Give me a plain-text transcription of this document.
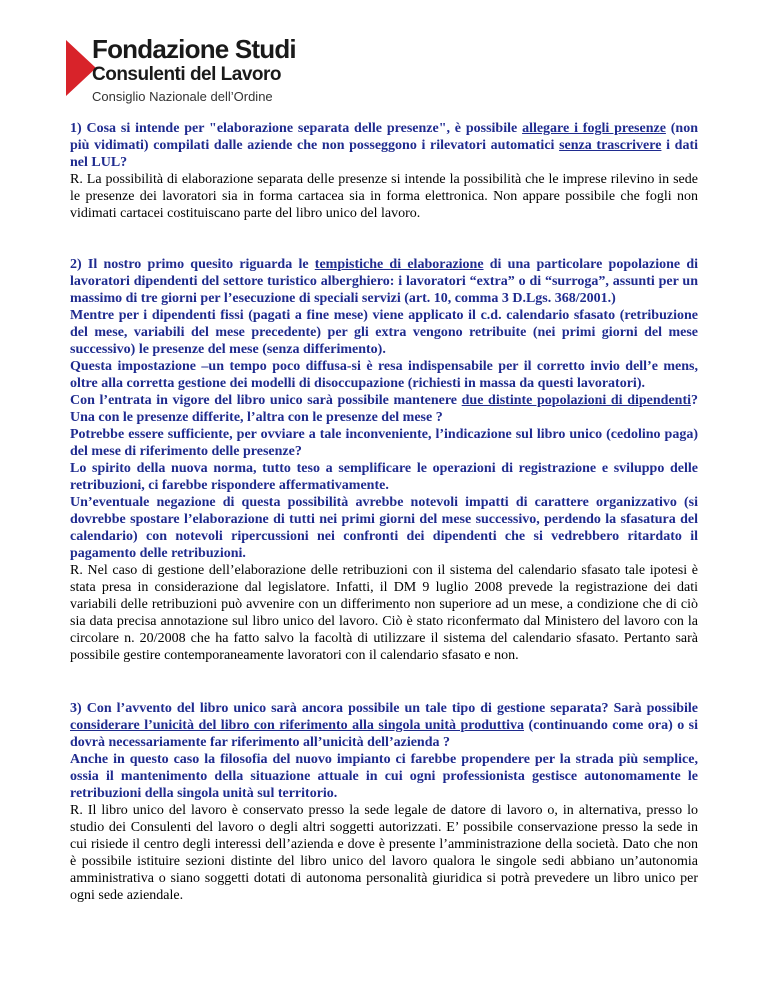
Fondazione Studi
Consulenti del Lavoro
Consiglio Nazionale dell’Ordine

1) Cosa si intende per "elaborazione separata delle presenze", è possibile allegare i fogli presenze (non più vidimati) compilati dalle aziende che non posseggono i rilevatori automatici senza trascrivere i dati nel LUL?

R. La possibilità di elaborazione separata delle presenze si intende la possibilità che le imprese rilevino in sede le presenze dei lavoratori sia in forma cartacea sia in forma elettronica. Non appare possibile che fogli non vidimati cartacei costituiscano parte del libro unico del lavoro.

2) Il nostro primo quesito riguarda le tempistiche di elaborazione di una particolare popolazione di lavoratori dipendenti del settore turistico alberghiero: i lavoratori “extra” o di “surroga”, assunti per un massimo di tre giorni per l’esecuzione di speciali servizi (art. 10, comma 3 D.Lgs. 368/2001.)
Mentre per i dipendenti fissi (pagati a fine mese) viene applicato il c.d. calendario sfasato (retribuzione del mese, variabili del mese precedente) per gli extra vengono retribuite (nei primi giorni del mese successivo) le presenze del mese (senza differimento).
Questa impostazione –un tempo poco diffusa-si è resa indispensabile per il corretto invio dell’e mens, oltre alla corretta gestione dei modelli di disoccupazione (richiesti in massa da questi lavoratori).
Con l’entrata in vigore del libro unico sarà possibile mantenere due distinte popolazioni di dipendenti? Una con le presenze differite, l’altra con le presenze del mese ?
Potrebbe essere sufficiente, per ovviare a tale inconveniente, l’indicazione sul libro unico (cedolino paga) del mese di riferimento delle presenze?
Lo spirito della nuova norma, tutto teso a semplificare le operazioni di registrazione e sviluppo delle retribuzioni, ci farebbe rispondere affermativamente.
Un’eventuale negazione di questa possibilità avrebbe notevoli impatti di carattere organizzativo (si dovrebbe spostare l’elaborazione di tutti nei primi giorni del mese successivo, perdendo la sfasatura del calendario) con notevoli ripercussioni nei confronti dei dipendenti che si vedrebbero ritardato il pagamento delle retribuzioni.

R. Nel caso di gestione dell’elaborazione delle retribuzioni con il sistema del calendario sfasato tale ipotesi è stata presa in considerazione dal legislatore. Infatti, il DM 9 luglio 2008 prevede la registrazione dei dati variabili delle retribuzioni può avvenire con un differimento non superiore ad un mese, a condizione che di ciò sia data precisa annotazione sul libro unico del lavoro. Ciò è stato riconfermato dal Ministero del lavoro con la circolare n. 20/2008 che ha fatto salvo la facoltà di utilizzare il sistema del calendario sfasato. Pertanto sarà possibile gestire contemporaneamente lavoratori con il calendario sfasato e non.

3) Con l’avvento del libro unico sarà ancora possibile un tale tipo di gestione separata? Sarà possibile considerare l’unicità del libro con riferimento alla singola unità produttiva (continuando come ora) o si dovrà necessariamente far riferimento all’unicità dell’azienda ?
Anche in questo caso la filosofia del nuovo impianto ci farebbe propendere per la strada più semplice, ossia il mantenimento della situazione attuale in cui ogni professionista gestisce autonomamente le retribuzioni della singola unità sul territorio.

R. Il libro unico del lavoro è conservato presso la sede legale de datore di lavoro o, in alternativa, presso lo studio dei Consulenti del lavoro o degli altri soggetti autorizzati. E’ possibile conservazione presso la sede in cui risiede il centro degli interessi dell’azienda e dove è presente l’amministrazione della società. Dato che non è possibile istituire sezioni distinte del libro unico del lavoro qualora le singole sedi abbiano un’autonomia amministrativa o siano soggetti dotati di autonoma personalità giuridica si potrà prevedere un libro unico per ogni sede aziendale.
